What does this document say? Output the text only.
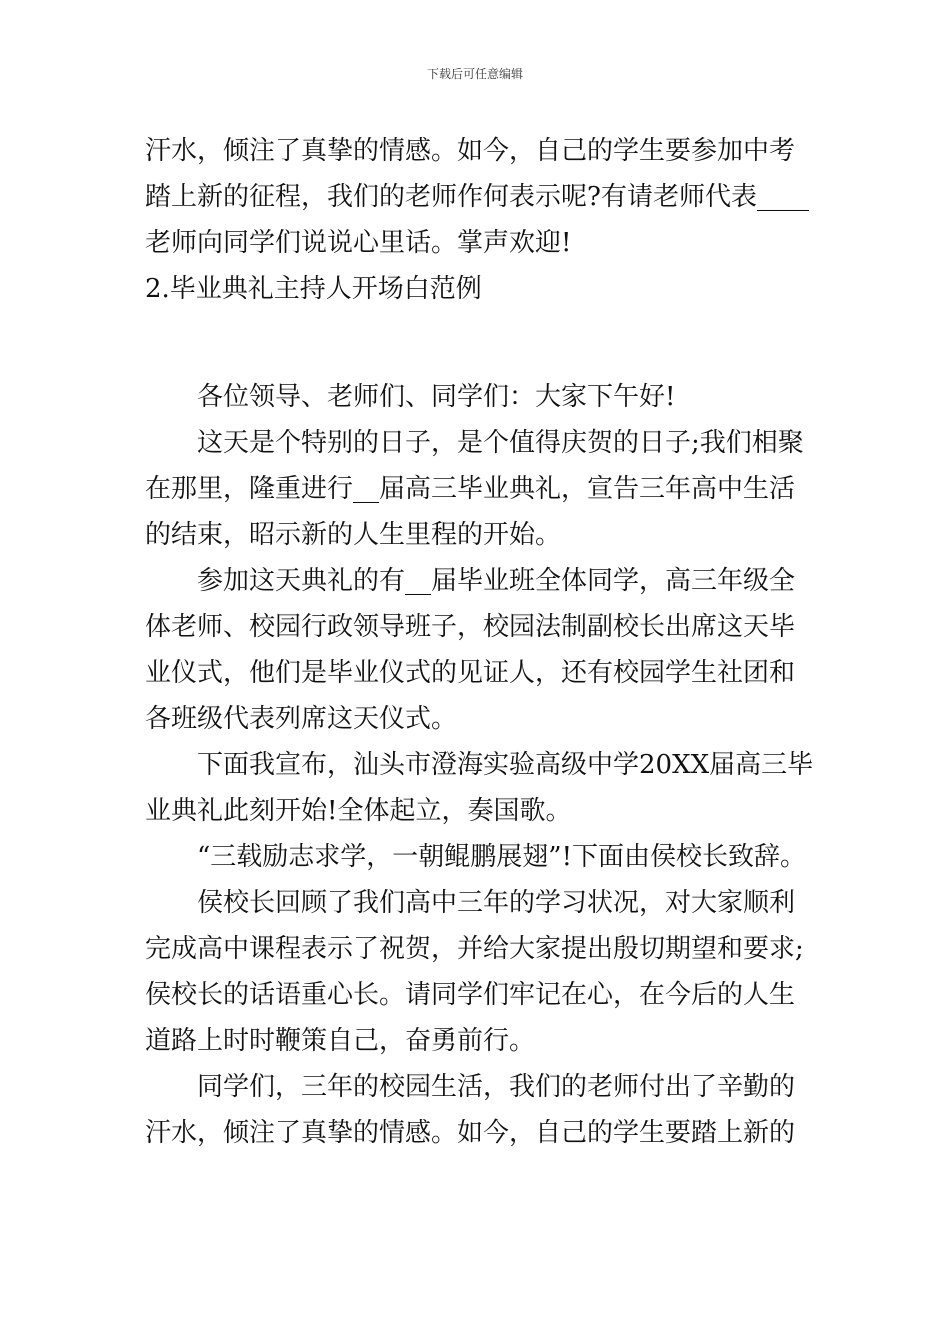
下载后可任意编辑
汗水，倾注了真挚的情感。如今，自己的学生要参加中考
踏上新的征程，我们的老师作何表示呢?有请老师代表____
老师向同学们说说心里话。掌声欢迎!
2.毕业典礼主持人开场白范例
各位领导、老师们、同学们：大家下午好!
这天是个特别的日子，是个值得庆贺的日子;我们相聚
在那里，隆重进行__届高三毕业典礼，宣告三年高中生活
的结束，昭示新的人生里程的开始。
参加这天典礼的有__届毕业班全体同学，高三年级全
体老师、校园行政领导班子，校园法制副校长出席这天毕
业仪式，他们是毕业仪式的见证人，还有校园学生社团和
各班级代表列席这天仪式。
下面我宣布，汕头市澄海实验高级中学20XX届高三毕
业典礼此刻开始!全体起立，奏国歌。
“三载励志求学，一朝鲲鹏展翅”!下面由侯校长致辞。
侯校长回顾了我们高中三年的学习状况，对大家顺利
完成高中课程表示了祝贺，并给大家提出殷切期望和要求;
侯校长的话语重心长。请同学们牢记在心，在今后的人生
道路上时时鞭策自己，奋勇前行。
同学们，三年的校园生活，我们的老师付出了辛勤的
汗水，倾注了真挚的情感。如今，自己的学生要踏上新的
